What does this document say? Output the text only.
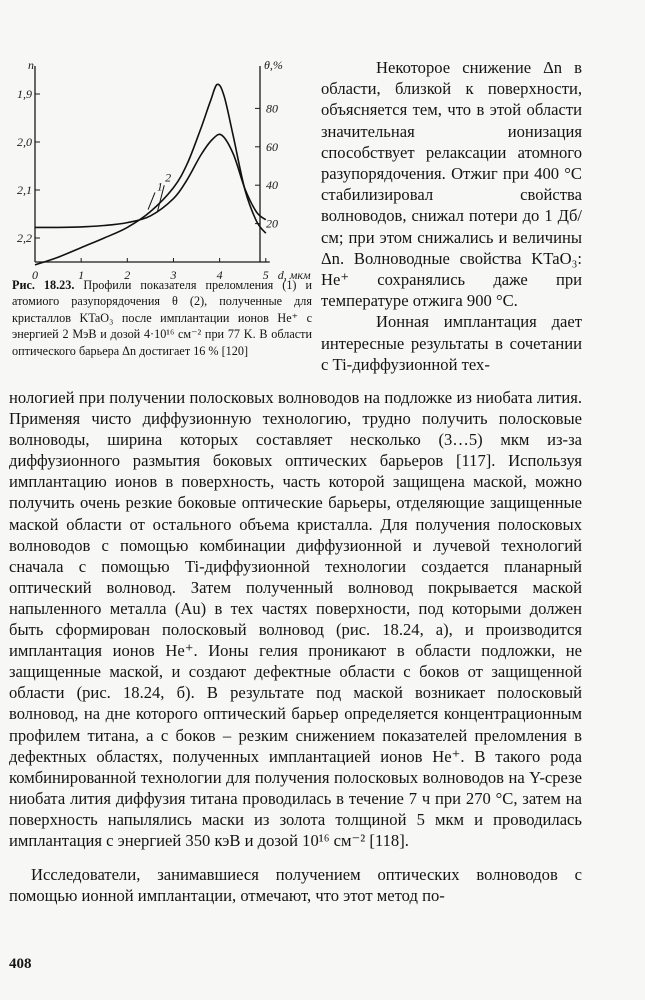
n	θ,%
d, мкм
1,9
2,0
2,1
2,2
80
60
40
20
0	1	2	3	4	5
1
2
Рис. 18.23. Профили показателя преломления (1) и атомиого разупорядочения θ (2), полученные для кристаллов KTaO₃ после имплантации ионов He⁺ с энергией 2 МэВ и дозой 4·10¹⁶ см⁻² при 77 K. В области оптического барьера Δn достигает 16 % [120]

Некоторое снижение Δn в области, близкой к поверхности, объясняется тем, что в этой области значительная ионизация способствует релаксации атомного разупорядочения. Отжиг при 400 °C стабилизировал свойства волноводов, снижал потери до 1 Дб/см; при этом снижались и величины Δn. Волноводные свойства KTaO₃: He⁺ сохранялись даже при температуре отжига 900 °C.

Ионная имплантация дает интересные результаты в сочетании с Ti-диффузионной тех-

нологией при получении полосковых волноводов на подложке из ниобата лития. Применяя чисто диффузионную технологию, трудно получить полосковые волноводы, ширина которых составляет несколько (3…5) мкм из-за диффузионного размытия боковых оптических барьеров [117]. Используя имплантацию ионов в поверхность, часть которой защищена маской, можно получить очень резкие боковые оптические барьеры, отделяющие защищенные маской области от остального объема кристалла. Для получения полосковых волноводов с помощью комбинации диффузионной и лучевой технологий сначала с помощью Ti-диффузионной технологии создается планарный оптический волновод. Затем полученный волновод покрывается маской напыленного металла (Au) в тех частях поверхности, под которыми должен быть сформирован полосковый волновод (рис. 18.24, а), и производится имплантация ионов He⁺. Ионы гелия проникают в области подложки, не защищенные маской, и создают дефектные области с боков от защищенной области (рис. 18.24, б). В результате под маской возникает полосковый волновод, на дне которого оптический барьер определяется концентрационным профилем титана, а с боков – резким снижением показателей преломления в дефектных областях, полученных имплантацией ионов He⁺. В такого рода комбинированной технологии для получения полосковых волноводов на Y-срезе ниобата лития диффузия титана проводилась в течение 7 ч при 270 °C, затем на поверхность напылялись маски из золота толщиной 5 мкм и проводилась имплантация с энергией 350 кэВ и дозой 10¹⁶ см⁻² [118].

Исследователи, занимавшиеся получением оптических волноводов с помощью ионной имплантации, отмечают, что этот метод по-

408
